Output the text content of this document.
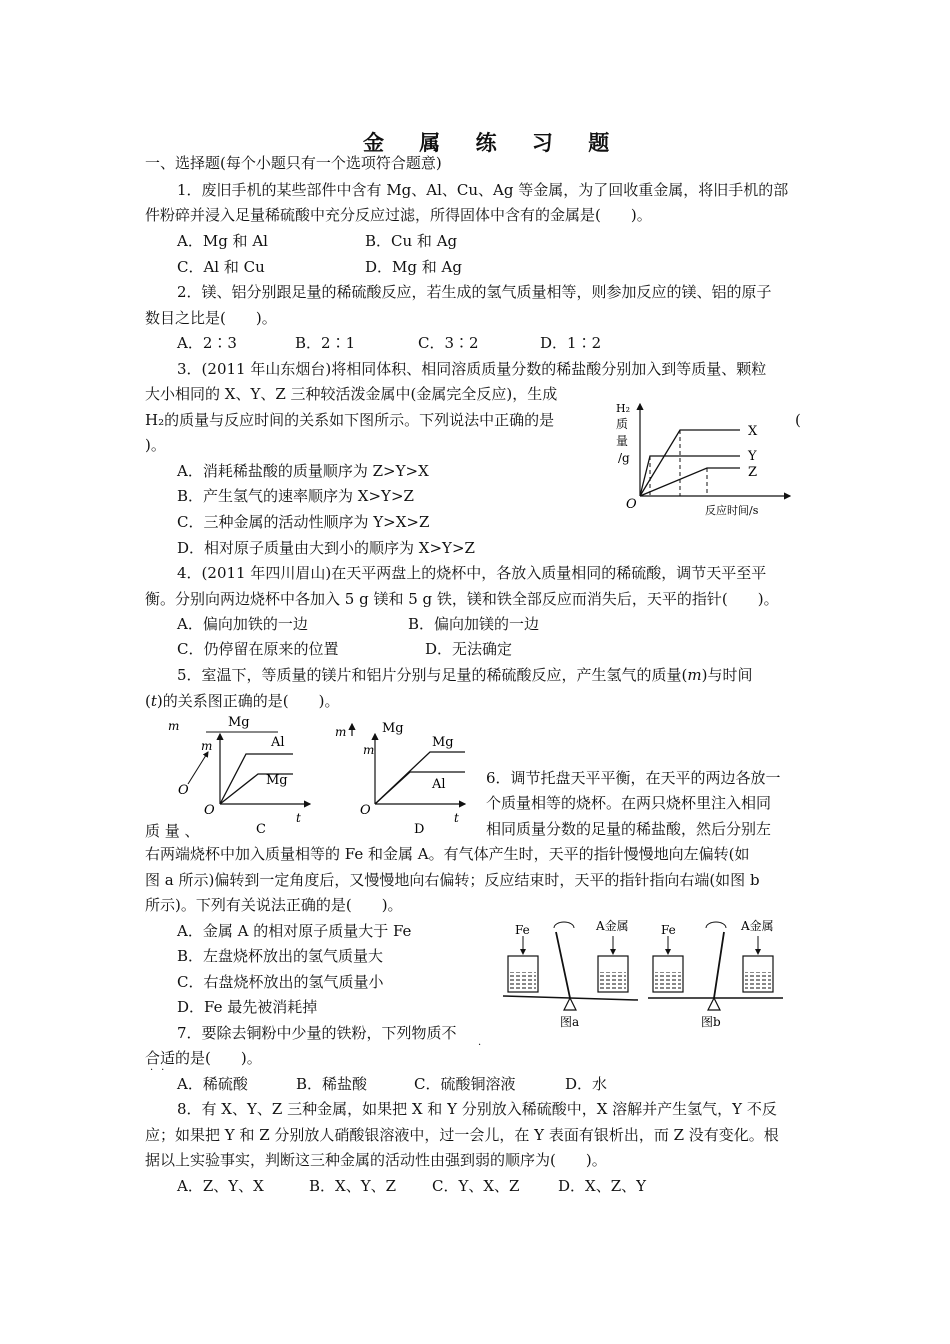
金 属 练 习 题
一、选择题(每个小题只有一个选项符合题意)
1．废旧手机的某些部件中含有 Mg、Al、Cu、Ag 等金属，为了回收重金属，将旧手机的部
件粉碎并浸入足量稀硫酸中充分反应过滤，所得固体中含有的金属是(　　)。
A．Mg 和 Al	B．Cu 和 Ag
C．Al 和 Cu	D．Mg 和 Ag
2．镁、铝分别跟足量的稀硫酸反应，若生成的氢气质量相等，则参加反应的镁、铝的原子
数目之比是(　　)。
A．2∶3	B．2∶1	C．3∶2	D．1∶2
3．(2011 年山东烟台)将相同体积、相同溶质质量分数的稀盐酸分别加入到等质量、颗粒
大小相同的 X、Y、Z 三种较活泼金属中(金属完全反应)，生成
H₂的质量与反应时间的关系如下图所示。下列说法中正确的是	(
)。
A．消耗稀盐酸的质量顺序为 Z>Y>X
B．产生氢气的速率顺序为 X>Y>Z
C．三种金属的活动性顺序为 Y>X>Z
D．相对原子质量由大到小的顺序为 X>Y>Z
H₂
质
量
/g
O	反应时间/s
X
Y
Z
4．(2011 年四川眉山)在天平两盘上的烧杯中，各放入质量相同的稀硫酸，调节天平至平
衡。分别向两边烧杯中各加入 5 g 镁和 5 g 铁，镁和铁全部反应而消失后，天平的指针(　　)。
A．偏向加铁的一边	B．偏向加镁的一边
C．仍停留在原来的位置	D．无法确定
5．室温下，等质量的镁片和铝片分别与足量的稀硫酸反应，产生氢气的质量(m)与时间
(t)的关系图正确的是(　　)。
m	Mg
m	Al
Mg
O
O	t
C
质 量 、
m	Mg
m	Mg
Al
O	t
D
6．调节托盘天平平衡，在天平的两边各放一
个质量相等的烧杯。在两只烧杯里注入相同
相同质量分数的足量的稀盐酸，然后分别左
右两端烧杯中加入质量相等的 Fe 和金属 A。有气体产生时，天平的指针慢慢地向左偏转(如
图 a 所示)偏转到一定角度后，又慢慢地向右偏转；反应结束时，天平的指针指向右端(如图 b
所示)。下列有关说法正确的是(　　)。
A．金属 A 的相对原子质量大于 Fe
B．左盘烧杯放出的氢气质量大
C．右盘烧杯放出的氢气质量小
D．Fe 最先被消耗掉
Fe	A金属
图a
Fe	A金属
图b
7．要除去铜粉中少量的铁粉，下列物质不
·
合适的是(　　)。
··
A．稀硫酸	B．稀盐酸	C．硫酸铜溶液	D．水
8．有 X、Y、Z 三种金属，如果把 X 和 Y 分别放入稀硫酸中，X 溶解并产生氢气，Y 不反
应；如果把 Y 和 Z 分别放人硝酸银溶液中，过一会儿，在 Y 表面有银析出，而 Z 没有变化。根
据以上实验事实，判断这三种金属的活动性由强到弱的顺序为(　　)。
A．Z、Y、X	B．X、Y、Z C．Y、X、Z	D．X、Z、Y
